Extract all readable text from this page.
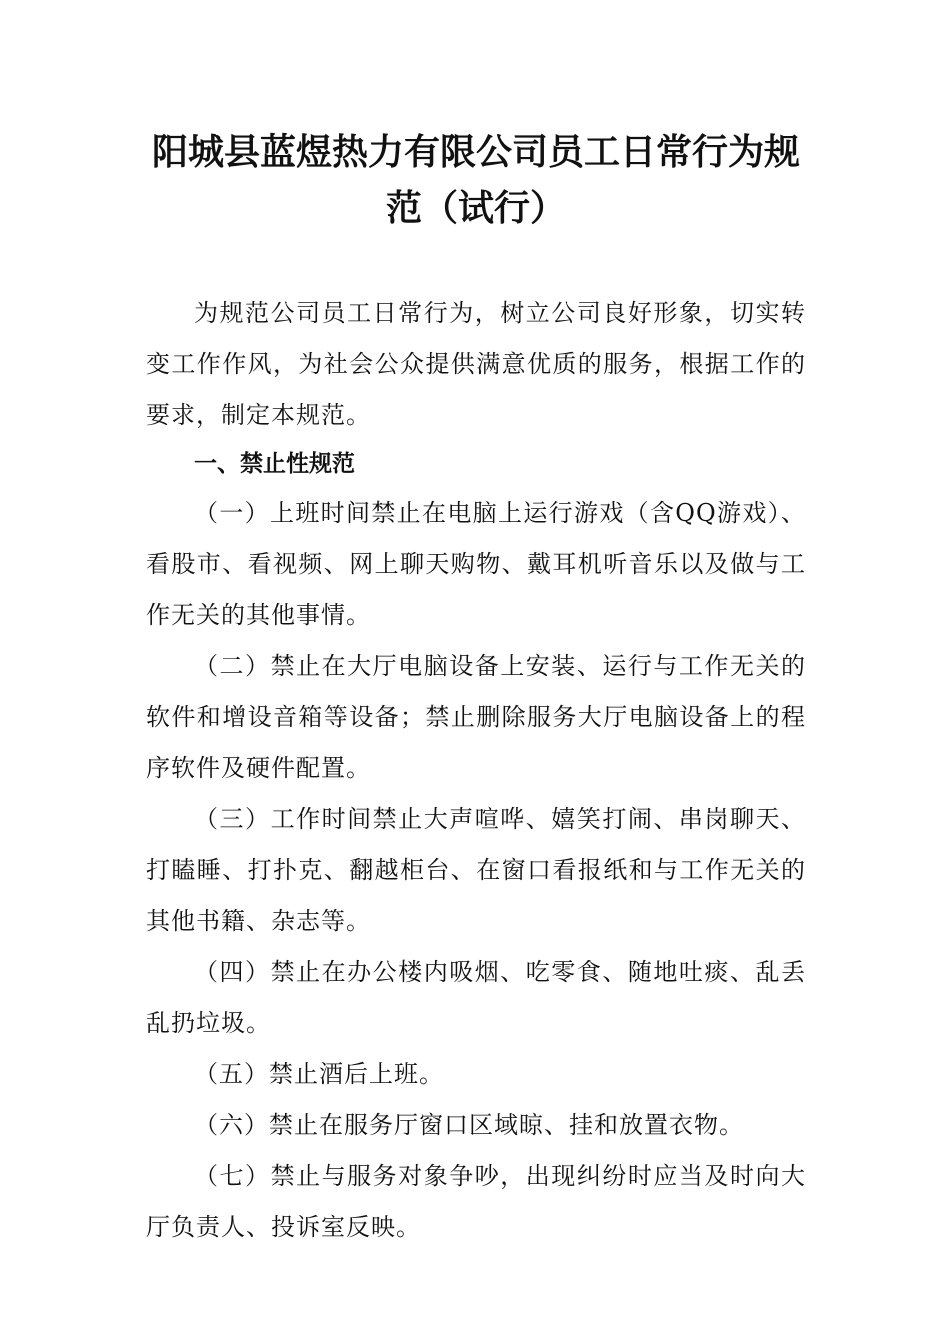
阳城县蓝煜热力有限公司员工日常行为规范（试行）

为规范公司员工日常行为，树立公司良好形象，切实转变工作作风，为社会公众提供满意优质的服务，根据工作的要求，制定本规范。

一、禁止性规范

（一）上班时间禁止在电脑上运行游戏（含QQ游戏）、看股市、看视频、网上聊天购物、戴耳机听音乐以及做与工作无关的其他事情。

（二）禁止在大厅电脑设备上安装、运行与工作无关的软件和增设音箱等设备；禁止删除服务大厅电脑设备上的程序软件及硬件配置。

（三）工作时间禁止大声喧哗、嬉笑打闹、串岗聊天、打瞌睡、打扑克、翻越柜台、在窗口看报纸和与工作无关的其他书籍、杂志等。

（四）禁止在办公楼内吸烟、吃零食、随地吐痰、乱丢乱扔垃圾。

（五）禁止酒后上班。

（六）禁止在服务厅窗口区域晾、挂和放置衣物。

（七）禁止与服务对象争吵，出现纠纷时应当及时向大厅负责人、投诉室反映。
